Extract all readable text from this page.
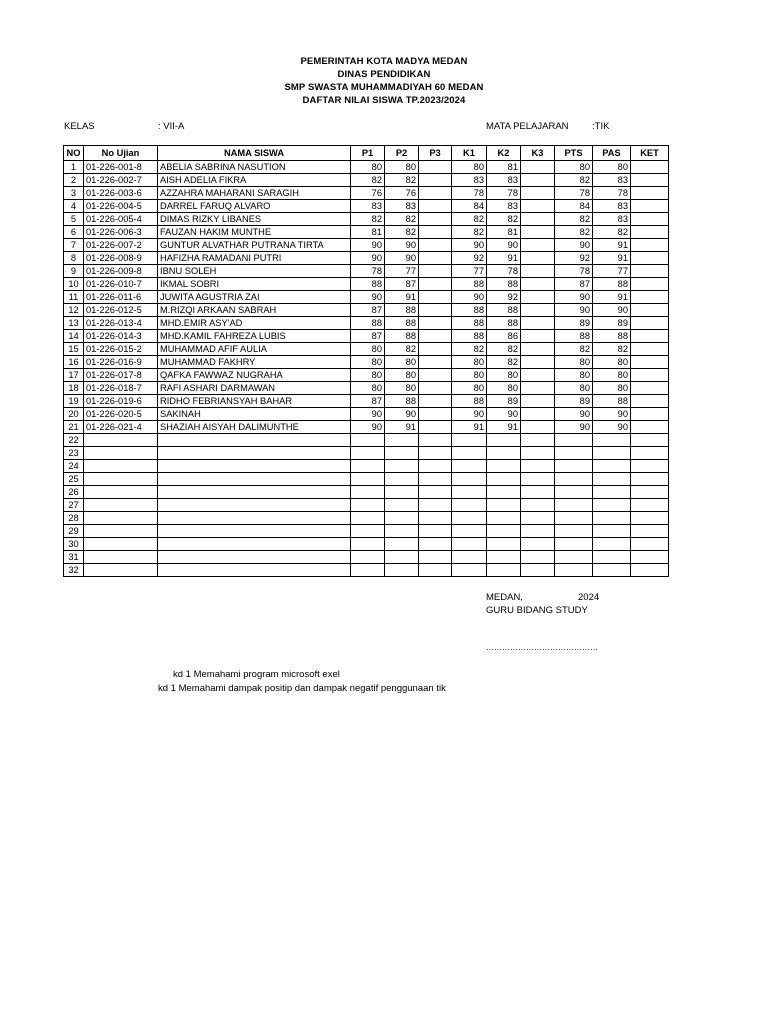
PEMERINTAH KOTA MADYA MEDAN
DINAS PENDIDIKAN
SMP SWASTA MUHAMMADIYAH 60 MEDAN
DAFTAR NILAI SISWA TP.2023/2024
KELAS	: VII-A	MATA PELAJARAN :TIK
NO	No Ujian	NAMA SISWA	P1	P2	P3	K1	K2	K3	PTS	PAS	KET
1	01-226-001-8	ABELIA SABRINA NASUTION	80	80		80	81		80	80	
2	01-226-002-7	AISH ADELIA FIKRA	82	82		83	83		82	83	
3	01-226-003-6	AZZAHRA MAHARANI SARAGIH	76	76		78	78		78	78	
4	01-226-004-5	DARREL FARUQ ALVARO	83	83		84	83		84	83	
5	01-226-005-4	DIMAS RIZKY LIBANES	82	82		82	82		82	83	
6	01-226-006-3	FAUZAN HAKIM MUNTHE	81	82		82	81		82	82	
7	01-226-007-2	GUNTUR ALVATHAR PUTRANA TIRTA	90	90		90	90		90	91	
8	01-226-008-9	HAFIZHA RAMADANI PUTRI	90	90		92	91		92	91	
9	01-226-009-8	IBNU SOLEH	78	77		77	78		78	77	
10	01-226-010-7	IKMAL SOBRI	88	87		88	88		87	88	
11	01-226-011-6	JUWITA AGUSTRIA ZAI	90	91		90	92		90	91	
12	01-226-012-5	M.RIZQI ARKAAN SABRAH	87	88		88	88		90	90	
13	01-226-013-4	MHD.EMIR ASY'AD	88	88		88	88		89	89	
14	01-226-014-3	MHD.KAMIL FAHREZA LUBIS	87	88		88	86		88	88	
15	01-226-015-2	MUHAMMAD AFIF AULIA	80	82		82	82		82	82	
16	01-226-016-9	MUHAMMAD FAKHRY	80	80		80	82		80	80	
17	01-226-017-8	QAFKA FAWWAZ NUGRAHA	80	80		80	80		80	80	
18	01-226-018-7	RAFI ASHARI DARMAWAN	80	80		80	80		80	80	
19	01-226-019-6	RIDHO FEBRIANSYAH BAHAR	87	88		88	89		89	88	
20	01-226-020-5	SAKINAH	90	90		90	90		90	90	
21	01-226-021-4	SHAZIAH AISYAH DALIMUNTHE	90	91		91	91		90	90	
22											
23											
24											
25											
26											
27											
28											
29											
30											
31											
32											
MEDAN,	2024
GURU BIDANG STUDY
……………………………………
kd 1 Memahami program microsoft exel
kd 1 Memahami dampak positip dan dampak negatif penggunaan tik
